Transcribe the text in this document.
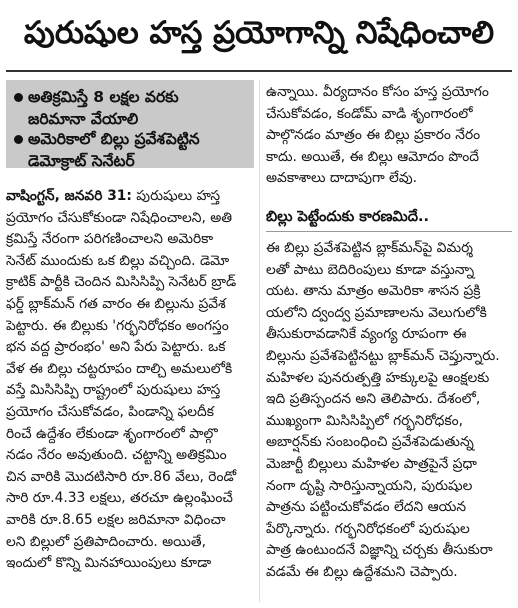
పురుషుల హస్త ప్రయోగాన్ని నిషేధించాలి
అతిక్రమిస్తే 8 లక్షల వరకు
జరిమానా వేయాలి
అమెరికాలో బిల్లు ప్రవేశపెట్టిన
డెమోక్రాట్ సెనేటర్
వాషింగ్టన్, జనవరి 31: పురుషులు హస్త
ప్రయోగం చేసుకోకుండా నిషేధించాలని, అతి
క్రమిస్తే నేరంగా పరిగణించాలని అమెరికా
సెనేట్ ముందుకు ఒక బిల్లు వచ్చింది. డెమో
క్రాటిక్ పార్టీకి చెందిన మిసిసిప్పి సెనేటర్ బ్రాడ్
ఫర్డ్ బ్లాక్‌మన్ గత వారం ఈ బిల్లును ప్రవేశ
పెట్టారు. ఈ బిల్లుకు 'గర్భనిరోధకం అంగస్తం
భన వద్ద ప్రారంభం' అని పేరు పెట్టారు. ఒక
వేళ ఈ బిల్లు చట్టరూపం దాల్చి అమలులోకి
వస్తే మిసిసిప్పి రాష్ట్రంలో పురుషులు హస్త
ప్రయోగం చేసుకోవడం, పిండాన్ని ఫలదీక
రించే ఉద్దేశం లేకుండా శృంగారంలో పాల్గొ
నడం నేరం అవుతుంది. చట్టాన్ని అతిక్రమిం
చిన వారికి మొదటిసారి రూ.86 వేలు, రెండో
సారి రూ.4.33 లక్షలు, తరచూ ఉల్లంఘించే
వారికి రూ.8.65 లక్షల జరిమానా విధించా
లని బిల్లులో ప్రతిపాదించారు. అయితే,
ఇందులో కొన్ని మినహాయింపులు కూడా
ఉన్నాయి. వీర్యదానం కోసం హస్త ప్రయోగం
చేసుకోవడం, కండోమ్ వాడి శృంగారంలో
పాల్గొనడం మాత్రం ఈ బిల్లు ప్రకారం నేరం
కాదు. అయితే, ఈ బిల్లు ఆమోదం పొందే
అవకాశాలు దాదాపుగా లేవు.
బిల్లు పెట్టేందుకు కారణమిదే..
ఈ బిల్లు ప్రవేశపెట్టిన బ్లాక్‌మన్‌పై విమర్శ
లతో పాటు బెదిరింపులు కూడా వస్తున్నా
యట. తాను మాత్రం అమెరికా శాసన ప్రక్రి
యలోని ద్వంద్వ ప్రమాణాలను వెలుగులోకి
తీసుకురావడానికే వ్యంగ్య రూపంగా ఈ
బిల్లును ప్రవేశపెట్టినట్టు బ్లాక్‌మన్ చెప్తున్నారు.
మహిళల పునరుత్పత్తి హక్కులపై ఆంక్షలకు
ఇది ప్రతిస్పందన అని తెలిపారు. దేశంలో,
ముఖ్యంగా మిసిసిప్పిలో గర్భనిరోధకం,
అబార్షన్‌కు సంబంధించి ప్రవేశపెడుతున్న
మెజార్టీ బిల్లులు మహిళల పాత్రపైనే ప్రధా
నంగా దృష్టి సారిస్తున్నాయని, పురుషుల
పాత్రను పట్టించుకోవడం లేదని ఆయన
పేర్కొన్నారు. గర్భనిరోధకంలో పురుషుల
పాత్ర ఉంటుందనే విజ్ఞాన్ని చర్చకు తీసుకురా
వడమే ఈ బిల్లు ఉద్దేశమని చెప్పారు.
